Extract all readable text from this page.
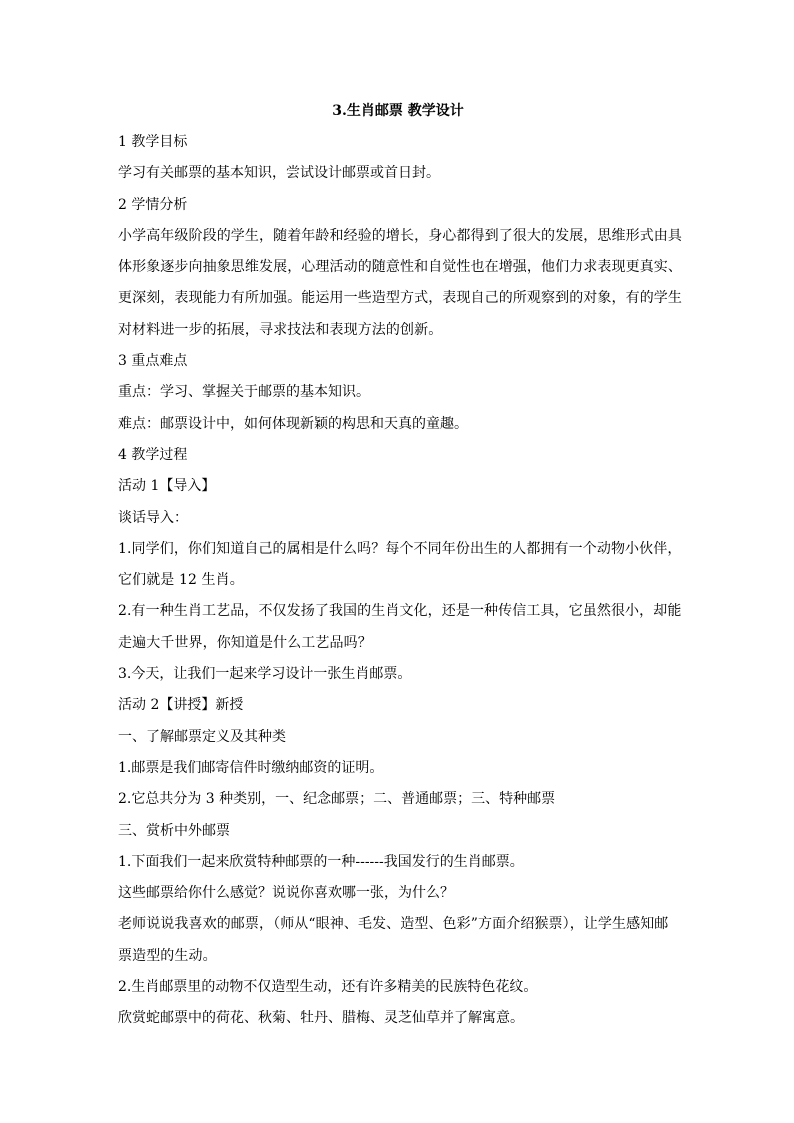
3.生肖邮票 教学设计

1 教学目标

学习有关邮票的基本知识，尝试设计邮票或首日封。

2 学情分析

小学高年级阶段的学生，随着年龄和经验的增长，身心都得到了很大的发展，思维形式由具
体形象逐步向抽象思维发展，心理活动的随意性和自觉性也在增强，他们力求表现更真实、
更深刻，表现能力有所加强。能运用一些造型方式，表现自己的所观察到的对象，有的学生
对材料进一步的拓展，寻求技法和表现方法的创新。

3 重点难点

重点：学习、掌握关于邮票的基本知识。

难点：邮票设计中，如何体现新颖的构思和天真的童趣。

4 教学过程

活动 1【导入】

谈话导入：

1.同学们，你们知道自己的属相是什么吗？每个不同年份出生的人都拥有一个动物小伙伴，
它们就是 12 生肖。
2.有一种生肖工艺品，不仅发扬了我国的生肖文化，还是一种传信工具，它虽然很小，却能
走遍大千世界，你知道是什么工艺品吗？

3.今天，让我们一起来学习设计一张生肖邮票。

活动 2【讲授】新授

一、了解邮票定义及其种类

1.邮票是我们邮寄信件时缴纳邮资的证明。

2.它总共分为 3 种类别，一、纪念邮票；二、普通邮票；三、特种邮票

三、赏析中外邮票

1.下面我们一起来欣赏特种邮票的一种------我国发行的生肖邮票。

这些邮票给你什么感觉？说说你喜欢哪一张，为什么？

老师说说我喜欢的邮票，（师从“眼神、毛发、造型、色彩”方面介绍猴票），让学生感知邮
票造型的生动。

2.生肖邮票里的动物不仅造型生动，还有许多精美的民族特色花纹。

欣赏蛇邮票中的荷花、秋菊、牡丹、腊梅、灵芝仙草并了解寓意。
